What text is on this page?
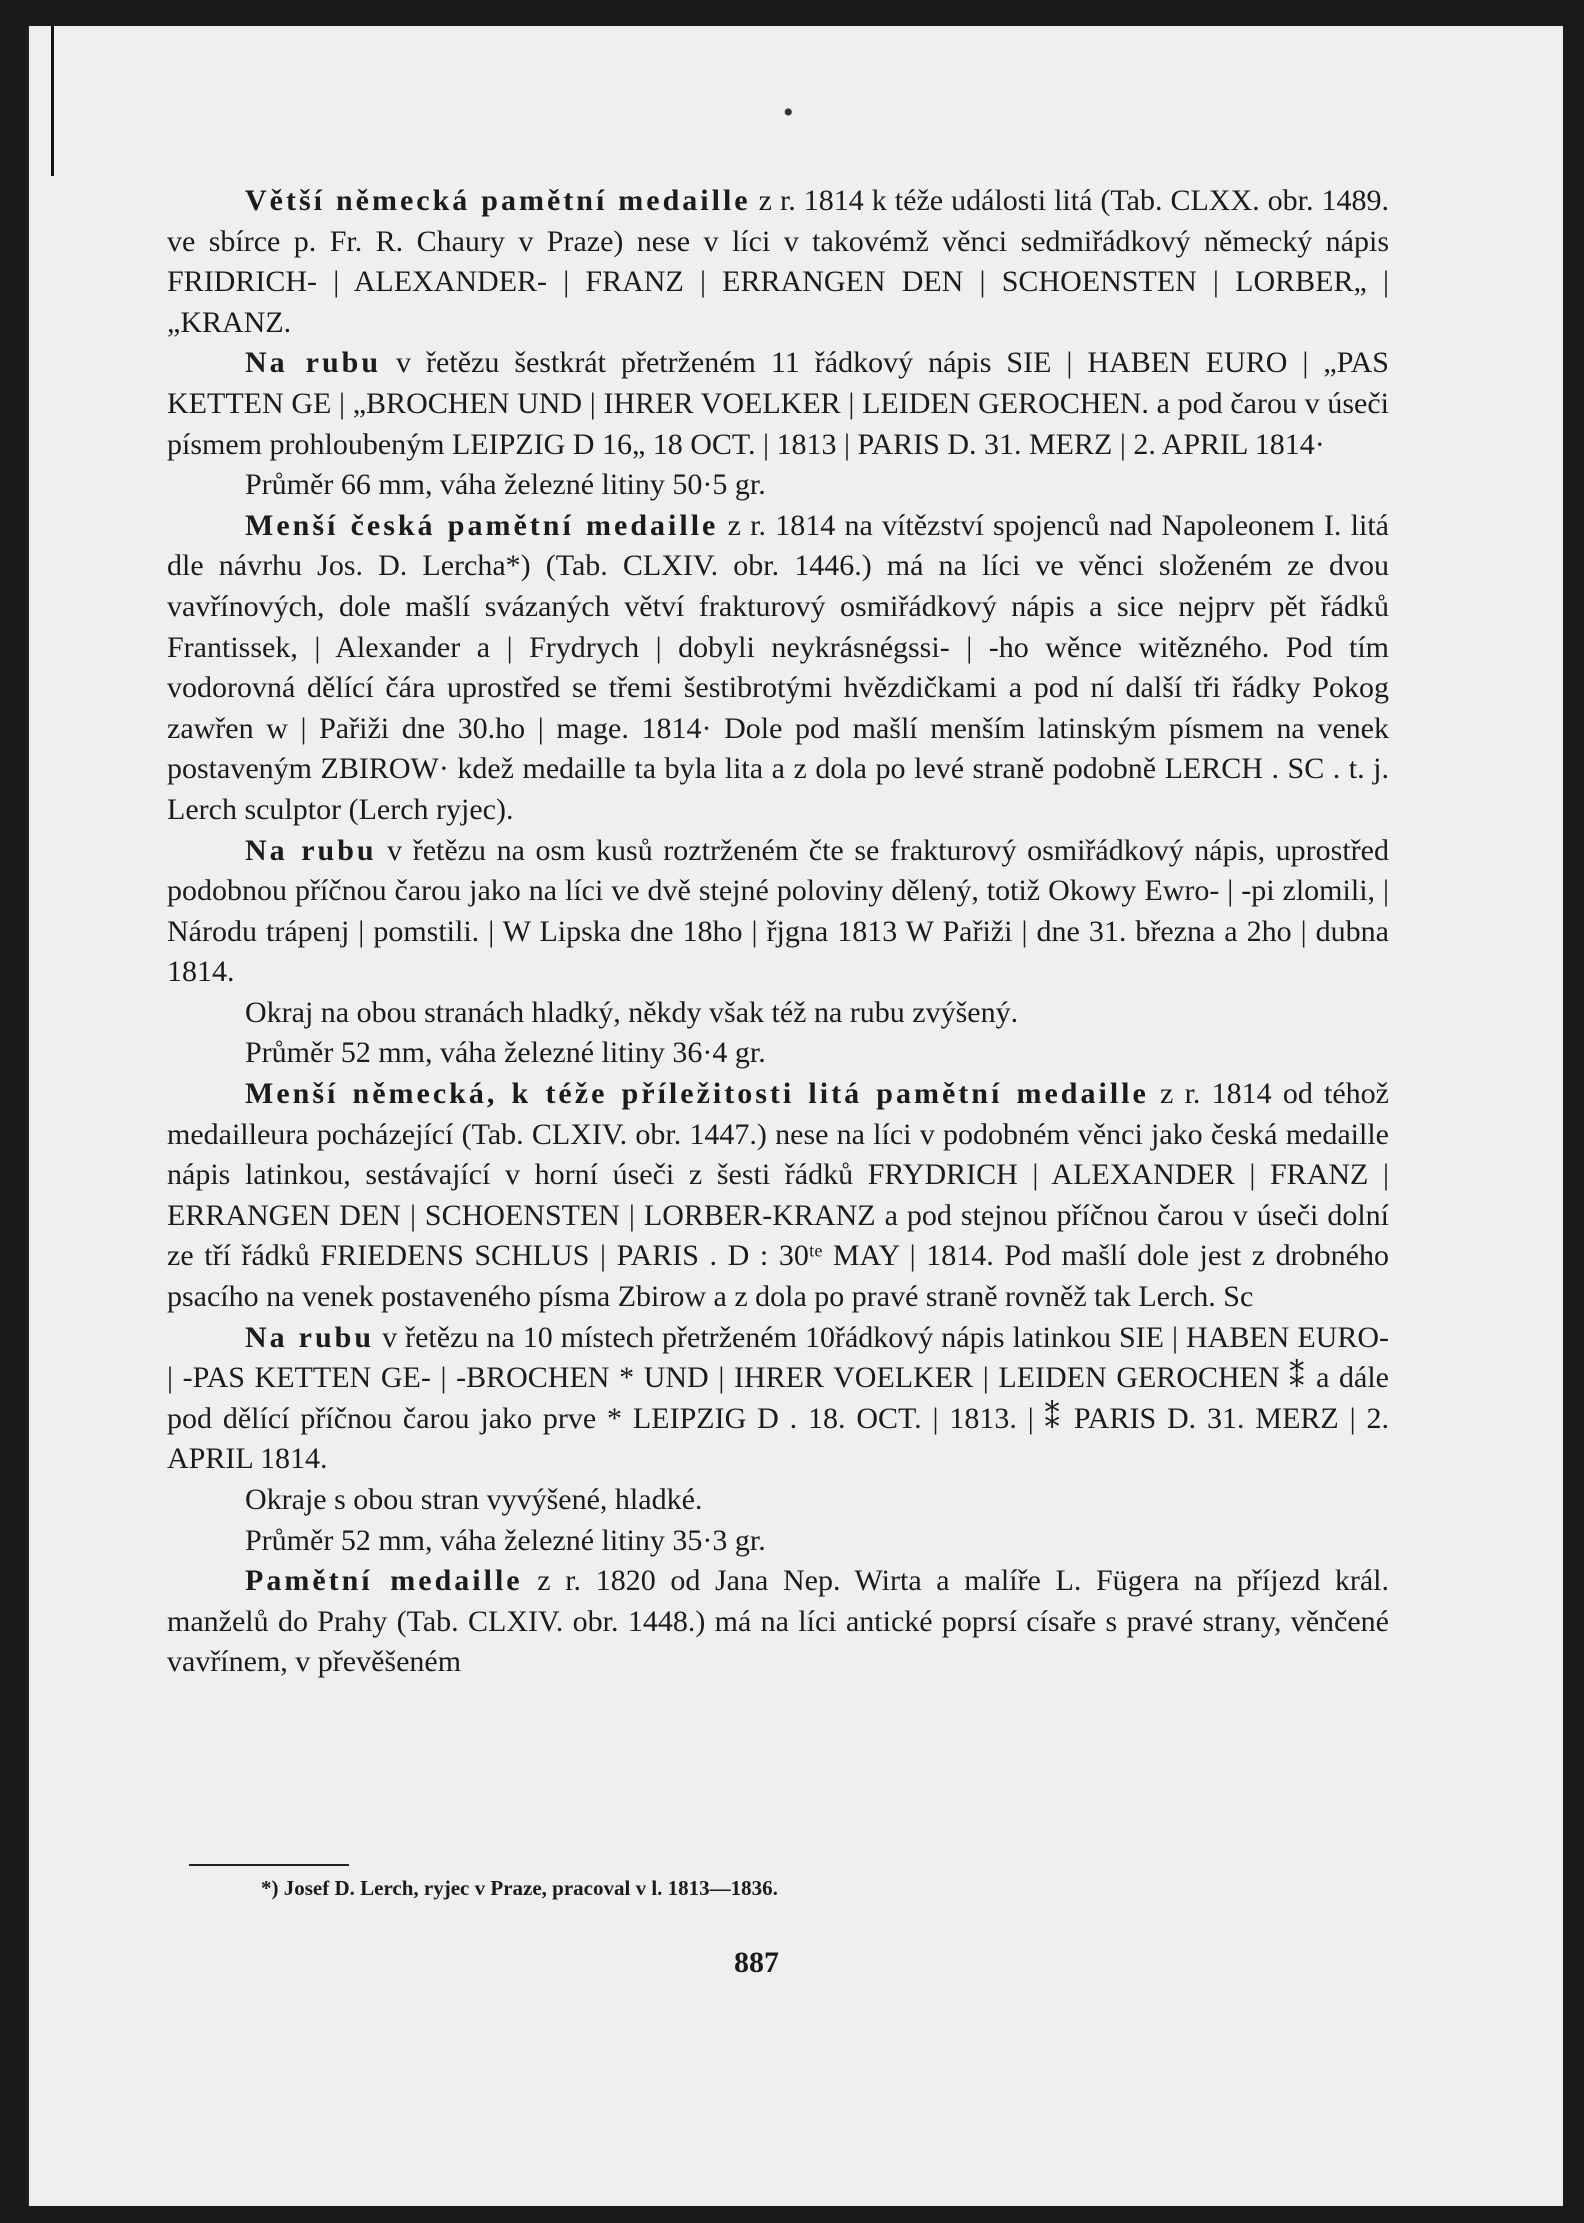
•

Větší německá pamětní medaille z r. 1814 k téže události litá (Tab. CLXX. obr. 1489. ve sbírce p. Fr. R. Chaury v Praze) nese v líci v takovémž věnci sedmiřádkový německý nápis FRIDRICH- | ALEXANDER- | FRANZ | ERRANGEN DEN | SCHOENSTEN | LORBER„ | „KRANZ.

Na rubu v řetězu šestkrát přetrženém 11 řádkový nápis SIE | HABEN EURO | „PAS KETTEN GE | „BROCHEN UND | IHRER VOELKER | LEIDEN GEROCHEN. a pod čarou v úseči písmem prohloubeným LEIPZIG D 16„ 18 OCT. | 1813 | PARIS D. 31. MERZ | 2. APRIL 1814·

Průměr 66 mm, váha železné litiny 50·5 gr.

Menší česká pamětní medaille z r. 1814 na vítězství spojenců nad Napoleonem I. litá dle návrhu Jos. D. Lercha*) (Tab. CLXIV. obr. 1446.) má na líci ve věnci složeném ze dvou vavřínových, dole mašlí svázaných větví frakturový osmiřádkový nápis a sice nejprv pět řádků Frantissek, | Alexander a | Frydrych | dobyli neykrásnégssi- | -ho wěnce witězného. Pod tím vodorovná dělící čára uprostřed se třemi šestibrotými hvězdičkami a pod ní další tři řádky Pokog zawřen w | Pařiži dne 30.ho | mage. 1814· Dole pod mašlí menším latinským písmem na venek postaveným ZBIROW· kdež medaille ta byla lita a z dola po levé straně podobně LERCH . SC . t. j. Lerch sculptor (Lerch ryjec).

Na rubu v řetězu na osm kusů roztrženém čte se frakturový osmiřádkový nápis, uprostřed podobnou příčnou čarou jako na líci ve dvě stejné poloviny dělený, totiž Okowy Ewro- | -pi zlomili, | Národu trápenj | pomstili. | W Lipska dne 18ho | řjgna 1813 W Pařiži | dne 31. března a 2ho | dubna 1814.

Okraj na obou stranách hladký, někdy však též na rubu zvýšený.

Průměr 52 mm, váha železné litiny 36·4 gr.

Menší německá, k téže příležitosti litá pamětní medaille z r. 1814 od téhož medailleura pocházející (Tab. CLXIV. obr. 1447.) nese na líci v podobném věnci jako česká medaille nápis latinkou, sestávající v horní úseči z šesti řádků FRYDRICH | ALEXANDER | FRANZ | ERRANGEN DEN | SCHOENSTEN | LORBER-KRANZ a pod stejnou příčnou čarou v úseči dolní ze tří řádků FRIEDENS SCHLUS | PARIS . D : 30ᵗᵉ MAY | 1814. Pod mašlí dole jest z drobného psacího na venek postaveného písma Zbirow a z dola po pravé straně rovněž tak Lerch. Sc

Na rubu v řetězu na 10 místech přetrženém 10řádkový nápis latinkou SIE | HABEN EURO- | -PAS KETTEN GE- | -BROCHEN * UND | IHRER VOELKER | LEIDEN GEROCHEN ⁑ a dále pod dělící příčnou čarou jako prve * LEIPZIG D . 18. OCT. | 1813. | ⁑ PARIS D. 31. MERZ | 2. APRIL 1814.

Okraje s obou stran vyvýšené, hladké.

Průměr 52 mm, váha železné litiny 35·3 gr.

Pamětní medaille z r. 1820 od Jana Nep. Wirta a malíře L. Fügera na příjezd král. manželů do Prahy (Tab. CLXIV. obr. 1448.) má na líci antické poprsí císaře s pravé strany, věnčené vavřínem, v převěšeném

*) Josef D. Lerch, ryjec v Praze, pracoval v l. 1813—1836.
887
